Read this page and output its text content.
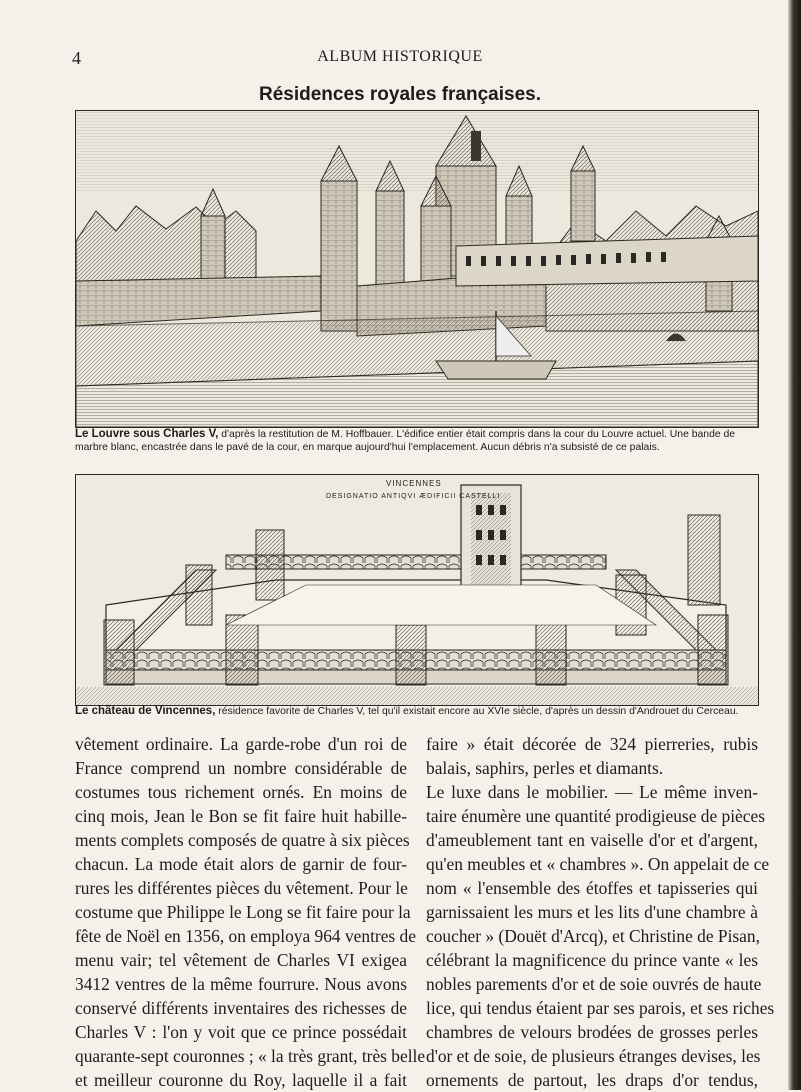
4	ALBUM HISTORIQUE
Résidences royales françaises.
Le Louvre sous Charles V, d'après la restitution de M. Hoffbauer. L'édifice entier était compris dans la cour du Louvre actuel. Une bande de marbre blanc, encastrée dans le pavé de la cour, en marque aujourd'hui l'emplacement. Aucun débris n'a subsisté de ce palais.
VINCENNES
DESIGNATIO ANTIQVI ÆDIFICII CASTELLI
Le château de Vincennes, résidence favorite de Charles V, tel qu'il existait encore au XVIe siècle, d'après un dessin d'Androuet du Cerceau.
vêtement ordinaire. La garde-robe d'un roi de
France comprend un nombre considérable de
costumes tous richement ornés. En moins de
cinq mois, Jean le Bon se fit faire huit habille-
ments complets composés de quatre à six pièces
chacun. La mode était alors de garnir de four-
rures les différentes pièces du vêtement. Pour le
costume que Philippe le Long se fit faire pour la
fête de Noël en 1356, on employa 964 ventres de
menu vair; tel vêtement de Charles VI exigea
3412 ventres de la même fourrure. Nous avons
conservé différents inventaires des richesses de
Charles V : l'on y voit que ce prince possédait
quarante-sept couronnes ; « la très grant, très belle
et meilleur couronne du Roy, laquelle il a fait
faire » était décorée de 324 pierreries, rubis
balais, saphirs, perles et diamants.
Le luxe dans le mobilier. — Le même inven-
taire énumère une quantité prodigieuse de pièces
d'ameublement tant en vaiselle d'or et d'argent,
qu'en meubles et « chambres ». On appelait de ce
nom « l'ensemble des étoffes et tapisseries qui
garnissaient les murs et les lits d'une chambre à
coucher » (Douët d'Arcq), et Christine de Pisan,
célébrant la magnificence du prince vante « les
nobles parements d'or et de soie ouvrés de haute
lice, qui tendus étaient par ses parois, et ses riches
chambres de velours brodées de grosses perles
d'or et de soie, de plusieurs étranges devises, les
ornements de partout, les draps d'or tendus,
